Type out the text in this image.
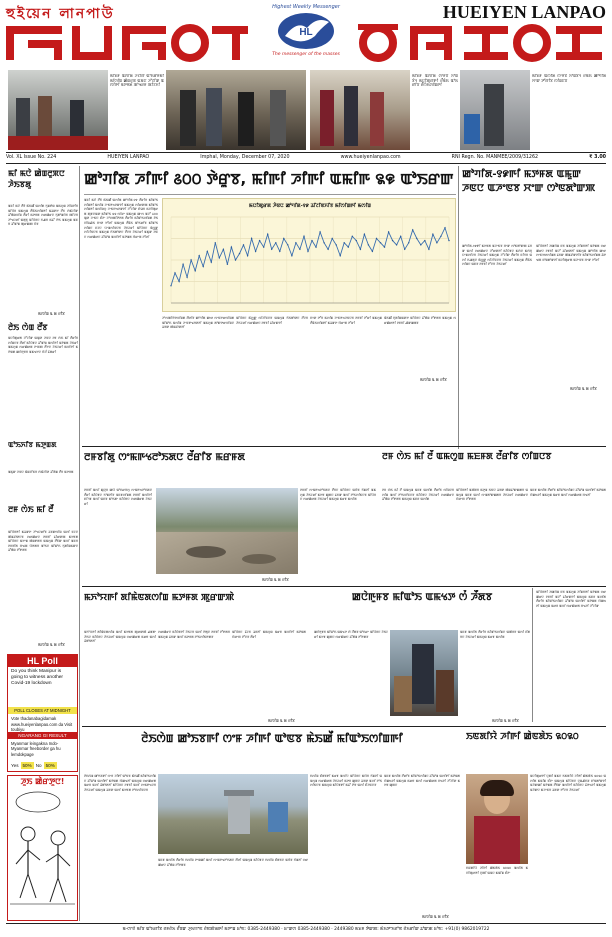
হুইয়েন লানপাউ	HUEIYEN LANPAO
Highest Weekly Messenger
HL
The messenger of the masses
ꯃꯤꯐꯝ ꯑꯁꯤꯗ ꯍꯥꯖꯤꯔ ꯑꯣꯏꯔꯝꯃꯤ ꯃꯤꯁꯤꯡ ꯀꯥꯡꯂꯨꯞ ꯑꯃꯅ ꯍꯧꯖꯤꯛ ꯑꯁꯤꯒꯤ ꯃꯇꯝꯗ ꯄꯣꯠꯂꯝ ꯄꯤꯖꯈꯤ
ꯃꯤꯐꯝ ꯑꯁꯤꯗ ꯁꯦꯝꯕ ꯈꯣꯡꯕꯥꯜ ꯃꯅꯤꯄꯨꯔꯒꯤ ꯂꯩꯃꯥꯏ ꯑꯣꯏꯔꯤꯕ ꯂꯩꯁꯥꯏꯁꯤꯡꯒꯤ
ꯃꯤꯐꯝ ꯑꯁꯤꯗ ꯁꯦꯝꯕ ꯈꯣꯡꯕꯥꯜ ꯂꯩꯃꯥꯏ ꯀꯣꯚꯤꯗ ꯆꯦꯛ ꯇꯧꯔꯤꯕ ꯁꯤꯡꯅꯕ
Vol. XL Issue No. 224	HUEIYEN LANPAO	Imphal, Monday, December 07, 2020	www.hueiyenlanpao.com	RNI Regn. No. MANMEE/2009/31262	₹ 3.00
ꯃꯤ ꯃꯅꯥ ꯀꯥꯡꯂꯨꯞꯅ ꯍꯥꯏꯕꯗꯨ
ꯑꯐꯤ ꯃꯅꯥ ꯂꯩꯕꯥ ꯃꯥꯏꯀꯩ ꯑꯁꯤꯗ ꯈꯨꯡꯒꯥꯡ ꯑꯃꯁꯨꯡ ꯍꯤꯡꯂꯤꯕ ꯃꯤꯌꯥꯝ ꯑꯃꯁꯨꯡ ꯂꯩꯃꯥꯏꯁꯤꯡꯒꯤ ꯃꯊꯛꯇ ꯂꯩꯕ ꯁꯥꯃꯥꯖꯤꯛ ꯊꯧꯗꯥꯡꯁꯤꯡ ꯂꯩꯔꯤ ꯃꯇꯝꯗ ꯁꯔꯀꯥꯔꯅ ꯈꯨꯗꯣꯡꯆꯥꯕ ꯄꯤꯅꯕ ꯍꯣꯠꯅꯔꯤ ꯑꯗꯨꯕꯨ ꯃꯤꯌꯥꯝꯅ ꯈꯉꯕ ꯃꯊꯧ ꯇꯥꯏ ꯑꯃꯁꯨꯡ ꯑꯐꯕ ꯊꯧꯑꯣꯡ ꯄꯨꯔꯀꯄ ꯌꯥꯕ
ꯃꯁꯤꯡ ꯲ ꯗ ꯂꯤꯕ
ꯂꯥꯏ ꯁꯥꯡ ꯂꯩꯕ
ꯃꯅꯤꯄꯨꯔꯗ ꯍꯧꯖꯤꯛ ꯑꯃꯨꯛ ꯍꯟꯅ ꯂꯝ ꯁꯥꯏ ꯃꯤ ꯂꯩꯔꯤꯕ ꯁꯤꯡꯅꯕ ꯂꯩꯔꯤ ꯃꯤꯌꯥꯝꯅ ꯊꯧꯑꯣꯡ ꯑꯁꯤꯒꯤ ꯃꯇꯥꯡꯗ ꯍꯥꯏꯔꯤ ꯑꯃꯁꯨꯡ ꯁꯔꯀꯥꯔꯗ ꯂꯦꯞꯄ ꯂꯩꯇꯅ ꯍꯥꯏꯖꯔꯤ ꯃꯁꯤꯒꯤ ꯃꯇꯥꯡꯗ ꯀꯅꯥꯒꯨꯝꯕ ꯑꯃꯠꯇꯅ ꯋꯥꯍꯪ ꯊꯥꯗꯔꯤ
ꯑꯣꯏꯈꯤꯕ ꯃꯇꯨꯡꯗ
ꯑꯃꯨꯛ ꯍꯟꯅ ꯃꯥꯡꯖꯤꯟꯕ ꯁꯥꯃꯥꯖꯤꯛ ꯊꯧꯗꯥꯡ ꯂꯩꯕ ꯃꯇꯝꯗ
ꯂꯝ ꯁꯥꯏ ꯃꯤ ꯂꯩ
ꯃꯤꯌꯥꯝꯒꯤ ꯃꯊꯛꯇ ꯍꯣꯠꯅꯔꯤꯕ ꯊꯕꯛꯁꯤꯡ ꯑꯁꯤ ꯐꯖꯅ ꯄꯥꯡꯊꯣꯛꯅꯕ ꯁꯔꯀꯥꯔꯅ ꯂꯝꯕꯤ ꯊꯤꯔꯛꯄ ꯃꯇꯝꯗ ꯃꯤꯌꯥꯝꯅ ꯃꯇꯦꯡ ꯄꯥꯡꯒꯗꯕ ꯑꯃꯁꯨꯡ ꯂꯩꯕꯥꯛ ꯑꯁꯤ ꯑꯐꯕ ꯂꯝꯕꯤꯗ ꯆꯠꯄ ꯌꯥꯒꯗꯕ ꯑꯣꯏꯅ ꯃꯤꯑꯣꯏ ꯈꯨꯗꯤꯡꯃꯛꯅ ꯊꯧꯗꯥꯡ ꯂꯧꯒꯗꯕ
ꯃꯁꯤꯡ ꯲ ꯗ ꯂꯤꯕ
HL Poll
Do you think Manipur is going to witness another Covid-19 lockdown
POLL CLOSES AT MIDNIGHT
Vote thadanabagidamak www.hueiyenlanpao.com da Visit toubiyu
NGARANG GI RESULT
Myanmar leingakna Indo-Myanmar freeborder ga hu lemdokpage
Yes 50% No 50%
ꯍꯨꯏ ꯀꯥꯔꯇꯨꯅ!
ꯀꯣꯚꯤꯗ ꯍꯤꯒꯤ ꯴꯰꯰ ꯇꯥꯔꯨꯕ, ꯃꯤꯒꯤ ꯍꯤꯒꯤ ꯑꯃꯤꯒ ꯲꯶ ꯑꯣꯏꯔꯛ
ꯑꯐꯤ ꯃꯅꯥ ꯂꯩꯕꯥ ꯃꯥꯏꯀꯩ ꯑꯁꯤꯗ ꯀꯣꯚꯤꯗ-꯱꯹ ꯂꯩꯔꯤꯕ ꯃꯤꯑꯣꯏꯁꯤꯡꯒꯤ ꯃꯁꯤꯡ ꯍꯦꯟꯒꯠꯂꯛꯂꯤ ꯑꯃꯁꯨꯡ ꯁꯤꯔꯛꯄ ꯃꯤꯑꯣꯏꯁꯤꯡꯒꯤ ꯃꯁꯤꯡꯁꯨ ꯍꯦꯟꯒꯠꯂꯛꯂꯤ ꯍꯧꯖꯤꯛ ꯐꯥꯎꯕ ꯃꯅꯤꯄꯨꯔꯗ ꯄꯨꯝꯅꯃꯛ ꯃꯤꯑꯣꯏ ꯲꯶ ꯁꯤꯔꯦ ꯑꯃꯁꯨꯡ ꯀꯦꯁ ꯑꯅꯧ ꯴꯰꯰ ꯃꯨꯛ ꯍꯦꯟꯅ ꯐꯪꯂꯦ ꯍꯣꯁꯄꯤꯇꯥꯂꯗ ꯂꯩꯔꯤꯕ ꯃꯤꯑꯣꯏꯁꯤꯡꯗ ꯂꯥꯏꯅꯤꯡꯉꯥꯏ ꯆꯦꯛ ꯇꯧꯔꯤ ꯑꯃꯁꯨꯡ ꯂꯩꯃꯥꯏ ꯑꯣꯏꯔꯤꯕ ꯃꯤꯑꯣꯏꯁꯤꯡꯅ ꯐꯖꯅ ꯌꯦꯡꯁꯤꯟꯅꯕ ꯍꯥꯏꯖꯔꯤ ꯃꯤꯌꯥꯝꯅ ꯃꯥꯁ꯭ꯛ ꯁꯤꯖꯤꯟꯅꯕ ꯑꯃꯁꯨꯡ ꯈꯥꯏꯗꯣꯛꯅ ꯂꯩꯅꯕ ꯍꯥꯏꯖꯔꯤ ꯑꯃꯨꯛ ꯍꯟꯅ ꯁꯔꯀꯥꯔꯅ ꯊꯧꯑꯣꯡ ꯑꯁꯤꯒꯤ ꯃꯇꯥꯡꯗ ꯋꯥꯔꯦꯞ ꯂꯧꯔꯤ
ꯃꯅꯤꯄꯨꯔꯗ ꯍꯥꯟꯅ ꯀꯣꯚꯤꯗ-꯱꯹ ꯊꯤꯖꯤꯟꯈꯤꯕ ꯃꯤꯁꯤꯡꯒꯤ ꯃꯁꯤꯡ
ꯍꯣꯁꯄꯤꯇꯥꯂꯁꯤꯡꯗ ꯂꯩꯔꯤꯕ ꯀꯣꯚꯤꯗ ꯀꯦꯔ ꯁꯦꯟꯇꯔꯁꯤꯡꯗ ꯃꯤꯑꯣꯏ ꯃꯁꯤꯡ ꯍꯦꯟꯒꯠꯂꯛꯂꯤ ꯑꯃꯁꯨꯡ ꯗꯣꯛꯇꯔꯁꯤꯡꯅ ꯊꯕꯛ ꯄꯥꯡꯊꯣꯛꯂꯤ
ꯃꯤꯌꯥꯝꯅ ꯃꯥꯁ꯭ꯛ ꯁꯤꯖꯤꯟꯅꯕ ꯑꯃꯁꯨꯡ ꯈꯥꯏꯗꯣꯛꯅ ꯂꯩꯅꯕ ꯍꯥꯏꯖꯔꯤ ꯁꯔꯀꯥꯔꯅ ꯂꯝꯕꯤ ꯊꯤꯔꯛꯂꯤ
ꯆꯦꯛ ꯇꯧꯕ ꯃꯁꯤꯡ ꯍꯦꯟꯒꯠꯍꯟꯅꯕ ꯂꯝꯕꯤ ꯂꯧꯔꯤ ꯑꯃꯁꯨꯡ ꯂꯩꯃꯥꯏꯁꯤꯡꯒꯤ ꯃꯊꯛꯇ ꯋꯥꯔꯦꯞ ꯂꯧꯔꯤ
ꯃꯥꯏꯀꯩ ꯈꯨꯗꯤꯡꯃꯛꯇ ꯃꯤꯌꯥꯝꯅ ꯊꯧꯗꯥꯡ ꯂꯧꯒꯗꯕ ꯑꯃꯁꯨꯡ ꯁꯔꯀꯥꯔꯒꯤ ꯂꯝꯕꯤ ꯉꯥꯛꯀꯗꯕ
ꯃꯁꯤꯡ ꯲ ꯗ ꯂꯤꯕ
ꯀꯣꯚꯤꯗ-꯱꯹ꯒꯤ ꯃꯇꯝꯗ ꯑꯃꯨꯛ ꯍꯟꯅ ꯑꯍꯦꯟꯕ ꯆꯦꯛ ꯁꯣꯟꯗꯣꯛꯄ
ꯀꯣꯚꯤꯗ-꯱꯹ꯒꯤ ꯃꯇꯝꯗ ꯑꯍꯦꯟꯕ ꯆꯦꯛ ꯁꯣꯟꯗꯣꯛꯄ ꯊꯕꯛ ꯑꯁꯤ ꯁꯔꯀꯥꯔꯅ ꯍꯧꯔꯛꯂꯤ ꯃꯤꯌꯥꯝꯅ ꯃꯁꯥꯅ ꯃꯁꯥꯕꯨ ꯌꯦꯡꯁꯤꯅꯕ ꯍꯥꯏꯖꯔꯤ ꯑꯃꯁꯨꯡ ꯍꯧꯖꯤꯛ ꯂꯩꯔꯤꯕ ꯐꯤꯚꯝ ꯑꯁꯤ ꯈꯉꯗꯨꯅ ꯃꯥꯁ꯭ꯛ ꯁꯤꯖꯤꯟꯅꯕ ꯍꯥꯏꯖꯔꯤ ꯑꯃꯁꯨꯡ ꯂꯩꯃꯥꯏꯁꯤꯡꯅ ꯑꯐꯕ ꯂꯝꯕꯤ ꯂꯧꯅꯕ ꯍꯥꯏꯖꯔꯤ
ꯃꯤꯌꯥꯝꯒꯤ ꯍꯀꯆꯥꯡ ꯐꯕ ꯑꯃꯁꯨꯡ ꯍꯤꯡꯕꯒꯤ ꯃꯇꯥꯡꯗ ꯁꯔꯀꯥꯔꯅ ꯂꯝꯕꯤ ꯑꯅꯧ ꯊꯤꯔꯛꯂꯤ ꯑꯃꯁꯨꯡ ꯀꯣꯚꯤꯗ ꯀꯦꯔ ꯁꯦꯟꯇꯔꯁꯤꯡꯗ ꯊꯕꯛ ꯄꯥꯡꯊꯣꯛꯂꯤꯕ ꯃꯤꯑꯣꯏꯁꯤꯡꯗ ꯊꯥꯒꯠꯄ ꯐꯣꯡꯗꯣꯛꯂꯤ ꯃꯅꯤꯄꯨꯔꯗ ꯑꯍꯦꯟꯕ ꯆꯦꯛ ꯇꯧꯔꯤ
ꯃꯁꯤꯡ ꯲ ꯗ ꯂꯤꯕ
ꯂꯝꯕꯤꯗꯨ ꯁꯦꯃꯒꯠꯂꯣꯏꯗꯅ ꯂꯩꯔꯤꯕ ꯃꯔꯝꯗ	ꯂꯝ ꯁꯥꯏ ꯃꯤ ꯂꯩ ꯑꯃꯁꯨꯡ ꯃꯐꯝꯗ ꯂꯩꯔꯤꯕ ꯁꯤꯡꯅꯕ
ꯂꯝꯕꯤ ꯑꯁꯤ ꯀꯨꯍꯨꯝ ꯀꯌꯥ ꯑꯣꯏꯔꯕꯁꯨ ꯁꯦꯃꯒꯠꯂꯣꯏꯗꯅ ꯂꯩꯔꯤ ꯃꯤꯌꯥꯝꯅ ꯈꯣꯡꯂꯤꯕ ꯃꯐꯝꯁꯤꯡꯗ ꯂꯝꯕꯤ ꯑꯁꯤꯒꯤ ꯐꯤꯚꯝ ꯑꯁꯤ ꯑꯐꯕ ꯑꯣꯏꯗꯦ ꯃꯤꯌꯥꯝꯅ ꯁꯔꯀꯥꯔꯗ ꯍꯥꯏꯖꯔꯤ
ꯂꯝꯕꯤ ꯁꯦꯃꯒꯠꯂꯣꯏꯗꯅ ꯂꯩꯕꯅ ꯃꯤꯌꯥꯝꯅ ꯑꯋꯥꯕ ꯈꯥꯡꯂꯤ ꯑꯃꯁꯨꯡ ꯍꯥꯏꯖꯔꯤ ꯃꯇꯝ ꯀꯨꯞꯅ ꯊꯕꯛ ꯑꯁꯤ ꯂꯣꯏꯁꯤꯟꯅꯕ ꯃꯤꯌꯥꯝꯅ ꯁꯔꯀꯥꯔꯗ ꯍꯥꯏꯖꯔꯤ ꯑꯃꯁꯨꯡ ꯃꯔꯝ ꯑꯁꯤꯗ
ꯂꯝ ꯁꯥꯏ ꯃꯤ ꯂꯩ ꯑꯃꯁꯨꯡ ꯃꯐꯝ ꯑꯁꯤꯗ ꯂꯩꯔꯤꯕ ꯁꯤꯡꯅꯕꯁꯤꯡ ꯑꯁꯤ ꯂꯣꯏꯁꯤꯟꯅꯕ ꯃꯤꯌꯥꯝꯅ ꯍꯥꯏꯖꯔꯤ ꯁꯔꯀꯥꯔꯅ ꯊꯧꯗꯥꯡ ꯂꯧꯒꯗꯕ ꯑꯃꯁꯨꯡ ꯃꯐꯝ ꯑꯁꯤꯗ
ꯃꯤꯌꯥꯝꯒꯤ ꯑꯄꯥꯝꯕ ꯃꯇꯨꯡ ꯏꯟꯅ ꯊꯕꯛ ꯄꯥꯡꯊꯣꯛꯀꯗꯕ ꯑꯃꯁꯨꯡ ꯃꯐꯝ ꯑꯁꯤ ꯁꯦꯡꯗꯣꯛꯀꯗꯕ ꯍꯥꯏꯖꯔꯤ ꯁꯔꯀꯥꯔꯅ ꯋꯥꯔꯦꯞ ꯂꯧꯒꯗꯕ
ꯃꯐꯝ ꯑꯁꯤꯗ ꯂꯩꯔꯤꯕ ꯃꯤꯑꯣꯏꯁꯤꯡꯅ ꯊꯧꯑꯣꯡ ꯑꯁꯤꯒꯤ ꯃꯇꯥꯡꯗ ꯋꯥꯀꯠꯂꯤ ꯑꯃꯁꯨꯡ ꯃꯔꯝ ꯑꯁꯤ ꯁꯔꯀꯥꯔꯗ ꯆꯠꯂꯤ
ꯃꯁꯤꯡ ꯲ ꯗ ꯂꯤꯕ
ꯃꯈꯣꯌꯒꯤ ꯗꯤꯃꯥꯟꯗꯁꯤꯡ ꯃꯇꯝꯗ ꯄꯨꯔꯛꯄꯥ	ꯀꯅꯥꯒꯨꯝꯕ ꯃꯤꯑꯣꯏ ꯑꯃꯠꯇ ꯁꯪ ꯍꯩꯗꯕ
ꯃꯈꯣꯌꯒꯤ ꯗꯤꯃꯥꯟꯗꯁꯤꯡ ꯑꯁꯤ ꯃꯇꯝꯗ ꯄꯨꯔꯛꯄꯥ ꯉꯝꯗꯦ ꯍꯥꯏꯅ ꯃꯤꯌꯥꯝꯅ ꯍꯥꯏꯖꯔꯤ ꯑꯃꯁꯨꯡ ꯁꯔꯀꯥꯔꯗ ꯃꯔꯝ ꯑꯁꯤ ꯊꯥꯗꯣꯛꯂꯤ
ꯁꯔꯀꯥꯔꯅ ꯃꯤꯌꯥꯝꯒꯤ ꯍꯥꯏꯖꯕ ꯑꯁꯤ ꯇꯥꯗꯨꯅ ꯂꯝꯕꯤ ꯂꯧꯒꯗꯕ ꯑꯃꯁꯨꯡ ꯊꯕꯛ ꯑꯁꯤ ꯃꯇꯝꯗ ꯂꯣꯏꯁꯤꯟꯒꯗꯕ
ꯃꯤꯌꯥꯝꯅ ꯊꯥꯖꯕ ꯊꯝꯂꯤ ꯑꯃꯁꯨꯡ ꯃꯔꯝ ꯑꯁꯤꯒꯤ ꯃꯇꯥꯡꯗ ꯋꯥꯔꯦꯞ ꯂꯧꯅꯕ ꯂꯩꯔꯤ
ꯃꯁꯤꯡ ꯲ ꯗ ꯂꯤꯕ
ꯀꯅꯥꯒꯨꯝꯕ ꯃꯤꯑꯣꯏ ꯑꯃꯠꯇ ꯁꯪ ꯍꯩꯗꯕ ꯑꯣꯏꯔꯦ ꯃꯤꯌꯥꯝꯅ ꯍꯥꯏꯖꯔꯤ ꯃꯇꯝ ꯀꯨꯞꯅ ꯁꯔꯀꯥꯔꯅ ꯊꯧꯗꯥꯡ ꯂꯧꯒꯗꯕ
ꯃꯐꯝ ꯑꯁꯤꯗ ꯂꯩꯔꯤꯕ ꯃꯤꯑꯣꯏꯁꯤꯡꯅ ꯑꯄꯥꯝꯕ ꯑꯁꯤ ꯐꯪꯗꯕꯅ ꯍꯥꯏꯖꯔꯤ ꯑꯃꯁꯨꯡ ꯃꯔꯝ ꯑꯁꯤꯗ
ꯃꯁꯤꯡ ꯲ ꯗ ꯂꯤꯕ
ꯃꯤꯌꯥꯝꯒꯤ ꯍꯀꯆꯥꯡ ꯐꯕ ꯑꯃꯁꯨꯡ ꯍꯤꯡꯕꯒꯤ ꯃꯇꯥꯡꯗ ꯁꯔꯀꯥꯔꯅ ꯂꯝꯕꯤ ꯑꯅꯧ ꯊꯤꯔꯛꯂꯤ ꯑꯃꯁꯨꯡ ꯃꯐꯝ ꯑꯁꯤꯗ ꯂꯩꯔꯤꯕ ꯃꯤꯑꯣꯏꯁꯤꯡꯅ ꯊꯧꯑꯣꯡ ꯑꯁꯤꯒꯤ ꯃꯇꯥꯡꯗ ꯋꯥꯀꯠꯂꯤ ꯑꯃꯁꯨꯡ ꯃꯔꯝ ꯑꯁꯤ ꯁꯔꯀꯥꯔꯗ ꯆꯠꯂꯤ ꯍꯧꯖꯤꯛ
ꯂꯥꯏꯁꯥꯡ ꯀꯣꯏꯕꯒꯤ ꯁꯦꯝ ꯍꯤꯒꯤ ꯑꯣꯟꯕ ꯃꯥꯏꯀꯩ ꯃꯤꯑꯣꯏꯁꯤꯡꯒꯤ	ꯏꯟꯗꯤꯌꯥ ꯍꯤꯒꯤ ꯀꯥꯟꯗꯥꯏ ꯲꯰꯲꯰
ꯂꯥꯏꯁꯥꯡ ꯀꯣꯏꯕꯒꯤ ꯁꯦꯝ ꯍꯤꯒꯤ ꯑꯣꯟꯕ ꯃꯥꯏꯀꯩ ꯃꯤꯑꯣꯏꯁꯤꯡꯅ ꯊꯧꯑꯣꯡ ꯑꯁꯤꯒꯤ ꯃꯇꯥꯡꯗ ꯋꯥꯀꯠꯂꯤ ꯑꯃꯁꯨꯡ ꯁꯔꯀꯥꯔꯗ ꯃꯔꯝ ꯑꯁꯤ ꯊꯥꯗꯣꯛꯂꯤ ꯃꯤꯌꯥꯝꯅ ꯂꯝꯕꯤ ꯑꯁꯤ ꯁꯦꯃꯒꯠꯅꯕ ꯍꯥꯏꯖꯔꯤ ꯑꯃꯁꯨꯡ ꯊꯕꯛ ꯑꯁꯤ ꯃꯇꯝꯗ ꯂꯣꯏꯁꯤꯟꯅꯕ
ꯃꯐꯝ ꯑꯁꯤꯗ ꯂꯩꯔꯤꯕ ꯏꯁꯤꯡ ꯇꯦꯡꯀꯤ ꯑꯁꯤ ꯁꯦꯃꯒꯠꯂꯣꯏꯗꯅ ꯂꯩꯔꯤ ꯑꯃꯁꯨꯡ ꯃꯤꯌꯥꯝꯅ ꯏꯁꯤꯡ ꯐꯪꯗꯕꯅ ꯑꯋꯥꯕ ꯈꯥꯡꯂꯤ ꯁꯔꯀꯥꯔꯅ ꯊꯧꯗꯥꯡ ꯂꯧꯒꯗꯕ
ꯏꯁꯤꯡ ꯐꯪꯗꯕꯒꯤ ꯃꯔꯝ ꯑꯁꯤꯅ ꯃꯤꯌꯥꯝꯅ ꯑꯋꯥꯕ ꯈꯥꯡꯂꯤ ꯑꯃꯁꯨꯡ ꯁꯔꯀꯥꯔꯗ ꯍꯥꯏꯖꯔꯤ ꯃꯇꯝ ꯀꯨꯞꯅ ꯊꯕꯛ ꯑꯁꯤ ꯂꯣꯏꯁꯤꯟꯅꯕ ꯑꯃꯁꯨꯡ ꯃꯤꯌꯥꯝꯒꯤ ꯃꯊꯧ ꯇꯥꯕ ꯑꯁꯤ ꯐꯪꯍꯟꯅꯕ
ꯃꯐꯝ ꯑꯁꯤꯗ ꯂꯩꯔꯤꯕ ꯃꯤꯑꯣꯏꯁꯤꯡꯅ ꯊꯧꯑꯣꯡ ꯑꯁꯤꯒꯤ ꯃꯇꯥꯡꯗ ꯋꯥꯀꯠꯂꯤ ꯑꯃꯁꯨꯡ ꯃꯔꯝ ꯑꯁꯤ ꯁꯔꯀꯥꯔꯗ ꯆꯠꯂꯤ ꯍꯧꯖꯤꯛ ꯃꯇꯝ ꯀꯨꯞꯅ
ꯃꯁꯤꯡ ꯲ ꯗ ꯂꯤꯕ
ꯏꯟꯗꯤꯌꯥ ꯍꯤꯒꯤ ꯀꯥꯟꯗꯥꯏ ꯲꯰꯲꯰ ꯑꯁꯤꯗ ꯃꯅꯤꯄꯨꯔꯒꯤ ꯅꯨꯄꯤ ꯑꯃꯅ ꯃꯃꯤꯡ ꯐꯪꯂꯦ
ꯃꯅꯤꯄꯨꯔꯒꯤ ꯅꯨꯄꯤ ꯑꯃꯅ ꯏꯟꯗꯤꯌꯥ ꯍꯤꯒꯤ ꯀꯥꯟꯗꯥꯏ ꯲꯰꯲꯰ ꯑꯁꯤꯗ ꯃꯃꯤꯡ ꯐꯪꯂꯦ ꯑꯃꯁꯨꯡ ꯃꯤꯌꯥꯝꯅ ꯅꯨꯡꯉꯥꯏꯕ ꯐꯣꯡꯗꯣꯛꯂꯤ ꯃꯍꯥꯛꯀꯤ ꯃꯇꯥꯡꯗ ꯂꯩꯕꯥꯛ ꯑꯁꯤꯒꯤ ꯃꯤꯌꯥꯝꯅ ꯊꯥꯒꯠꯂꯤ ꯑꯃꯁꯨꯡ ꯃꯍꯥꯛꯅ ꯑꯍꯦꯟꯕ ꯊꯕꯛ ꯇꯧꯅꯕ ꯍꯥꯏꯖꯔꯤ
ꯃ-ꯁꯦꯂꯥ ꯃꯤꯕ ꯑꯣꯏꯔꯤꯕ ꯂꯝꯂꯥꯏ ꯂꯩꯕꯛ ꯍꯨꯏꯌꯦꯟ ꯂꯥꯟꯄꯥꯎꯒꯤ ꯃꯇꯦꯡ ꯐꯣꯟ: 0385-2449380 · ꯐꯦꯛꯁ 0385-2449380 · 2449380 ꯃꯐꯝ ꯇꯥꯛꯄ: ꯃꯥꯏꯇꯦꯏꯂꯣꯟ ꯂꯥꯏꯔꯤꯛ ꯊꯣꯛꯄ ꯐꯣꯟ: +91(0) 9862019722
